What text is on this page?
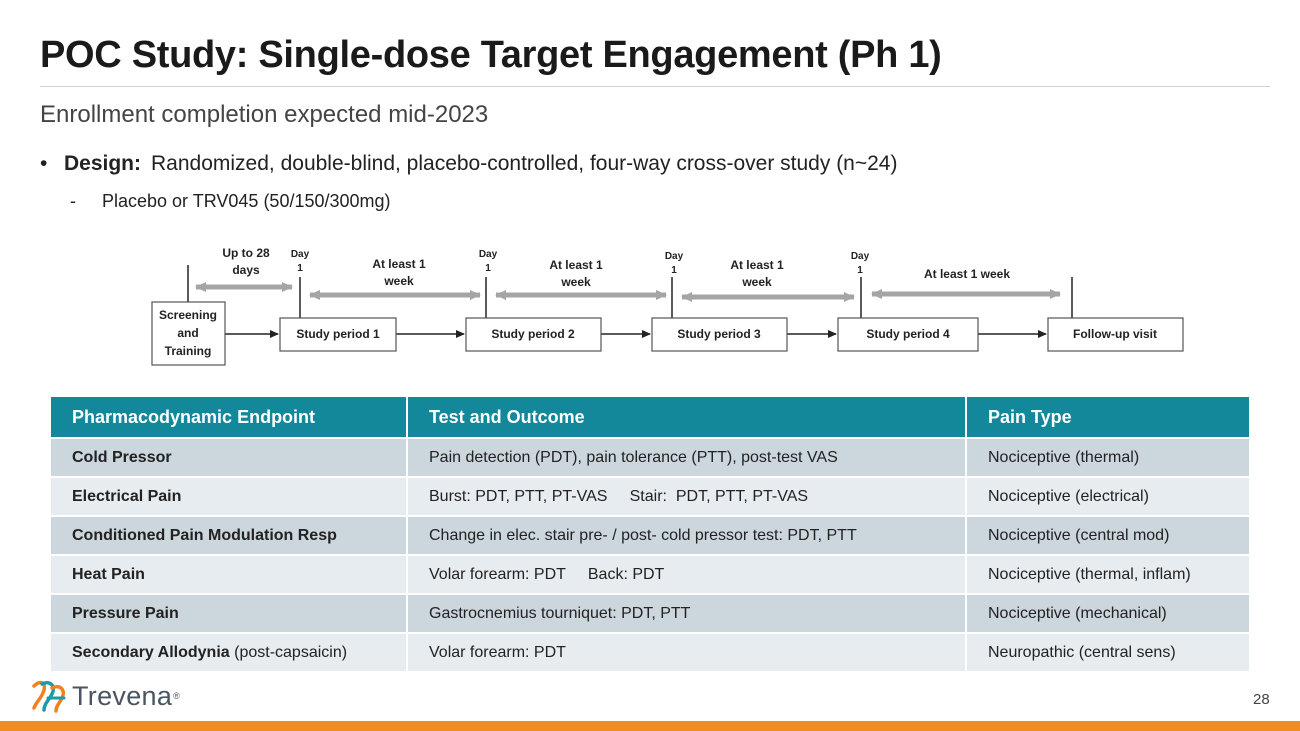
POC Study: Single-dose Target Engagement (Ph 1)
Enrollment completion expected mid-2023
• Design: Randomized, double-blind, placebo-controlled, four-way cross-over study (n~24)
- Placebo or TRV045 (50/150/300mg)
Screening
and
Training
Study period 1	Study period 2	Study period 3	Study period 4	Follow-up visit
Up to 28
days
Day
1
Day
1
Day
1
Day
1
At least 1
week
At least 1
week
At least 1
week
At least 1 week
Pharmacodynamic Endpoint	Test and Outcome	Pain Type
Cold Pressor	Pain detection (PDT), pain tolerance (PTT), post-test VAS	Nociceptive (thermal)
Electrical Pain	Burst: PDT, PTT, PT-VAS     Stair:  PDT, PTT, PT-VAS	Nociceptive (electrical)
Conditioned Pain Modulation Resp	Change in elec. stair pre- / post- cold pressor test: PDT, PTT	Nociceptive (central mod)
Heat Pain	Volar forearm: PDT     Back: PDT	Nociceptive (thermal, inflam)
Pressure Pain	Gastrocnemius tourniquet: PDT, PTT	Nociceptive (mechanical)
Secondary Allodynia (post-capsaicin)	Volar forearm: PDT	Neuropathic (central sens)
Trevena ®	28
